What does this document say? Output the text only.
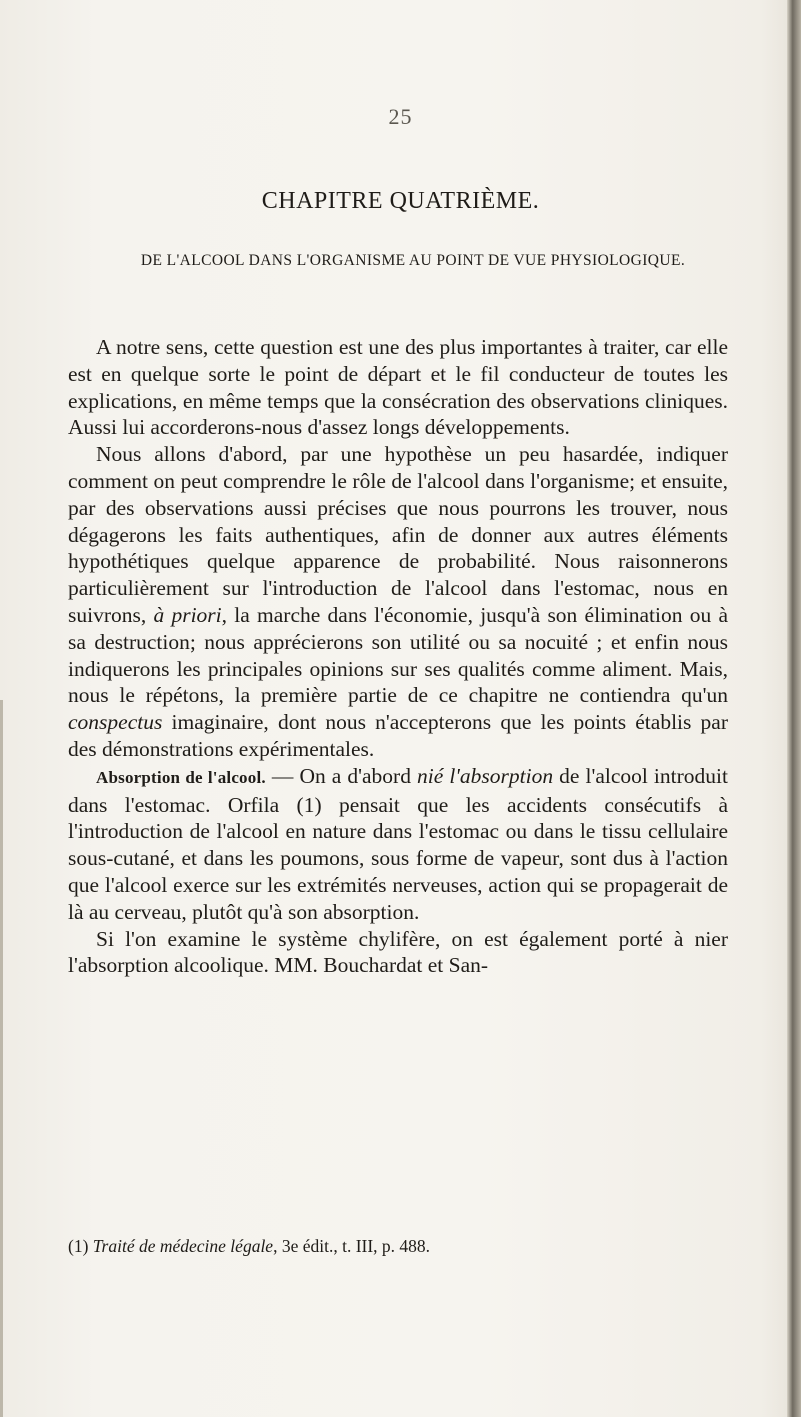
25
CHAPITRE QUATRIÈME.
DE L'ALCOOL DANS L'ORGANISME AU POINT DE VUE PHYSIOLOGIQUE.

A notre sens, cette question est une des plus importantes à traiter, car elle est en quelque sorte le point de départ et le fil conducteur de toutes les explications, en même temps que la consécration des observations cliniques. Aussi lui accorderons-nous d'assez longs développements.

Nous allons d'abord, par une hypothèse un peu hasardée, indiquer comment on peut comprendre le rôle de l'alcool dans l'organisme; et ensuite, par des observations aussi précises que nous pourrons les trouver, nous dégagerons les faits authentiques, afin de donner aux autres éléments hypothétiques quelque apparence de probabilité. Nous raisonnerons particulièrement sur l'introduction de l'alcool dans l'estomac, nous en suivrons, à priori, la marche dans l'économie, jusqu'à son élimination ou à sa destruction; nous apprécierons son utilité ou sa nocuité ; et enfin nous indiquerons les principales opinions sur ses qualités comme aliment. Mais, nous le répétons, la première partie de ce chapitre ne contiendra qu'un conspectus imaginaire, dont nous n'accepterons que les points établis par des démonstrations expérimentales.

Absorption de l'alcool. — On a d'abord nié l'absorption de l'alcool introduit dans l'estomac. Orfila (1) pensait que les accidents consécutifs à l'introduction de l'alcool en nature dans l'estomac ou dans le tissu cellulaire sous-cutané, et dans les poumons, sous forme de vapeur, sont dus à l'action que l'alcool exerce sur les extrémités nerveuses, action qui se propagerait de là au cerveau, plutôt qu'à son absorption.

Si l'on examine le système chylifère, on est également porté à nier l'absorption alcoolique. MM. Bouchardat et San-

(1) Traité de médecine légale, 3e édit., t. III, p. 488.
